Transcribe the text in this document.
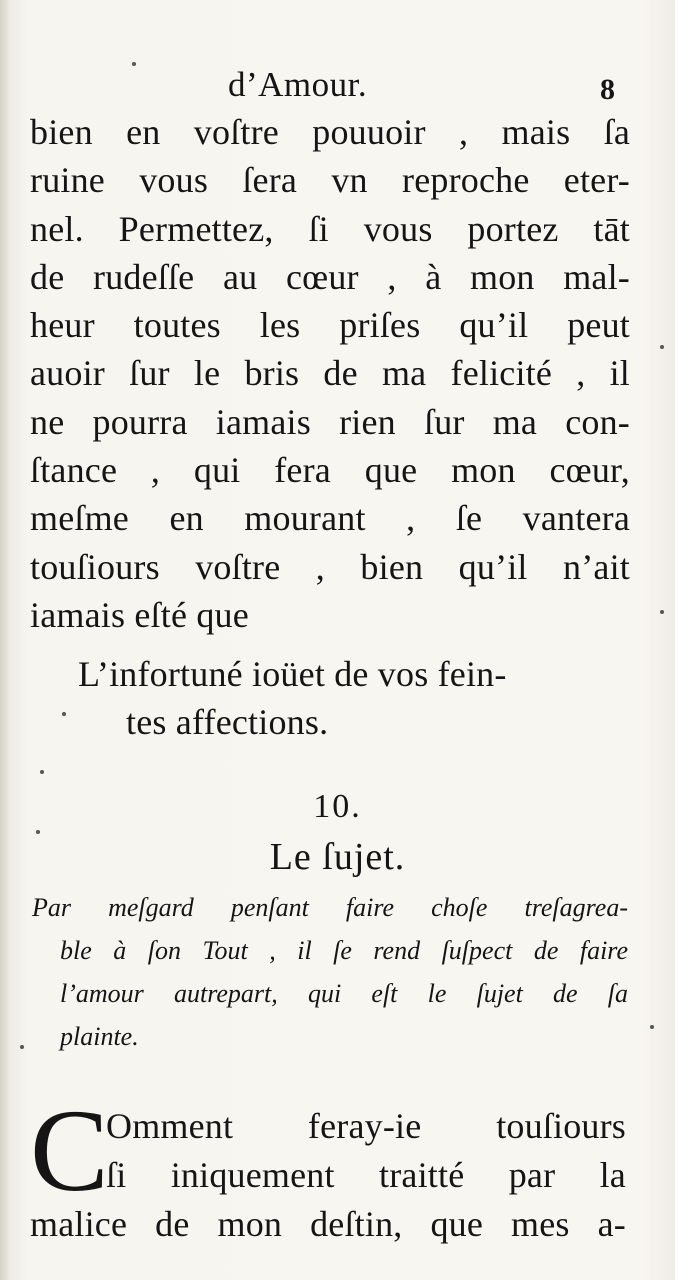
d’Amour.	8
bien en voſtre pouuoir , mais ſa
ruine vous ſera vn reproche eter-
nel. Permettez, ſi vous portez tāt
de rudeſſe au cœur , à mon mal-
heur toutes les priſes qu’il peut
auoir ſur le bris de ma felicité , il
ne pourra iamais rien ſur ma con-
ſtance , qui fera que mon cœur,
meſme en mourant , ſe vantera
touſiours voſtre , bien qu’il n’ait
iamais eſté que
L’infortuné ioüet de vos fein-
tes affections.
10.
Le ſujet.
Par meſgard penſant faire choſe treſagrea-
ble à ſon Tout , il ſe rend ſuſpect de faire
l’amour autrepart, qui eſt le ſujet de ſa
plainte.
C
Omment feray-ie touſiours
ſi iniquement traitté par la
malice de mon deſtin, que mes a-
